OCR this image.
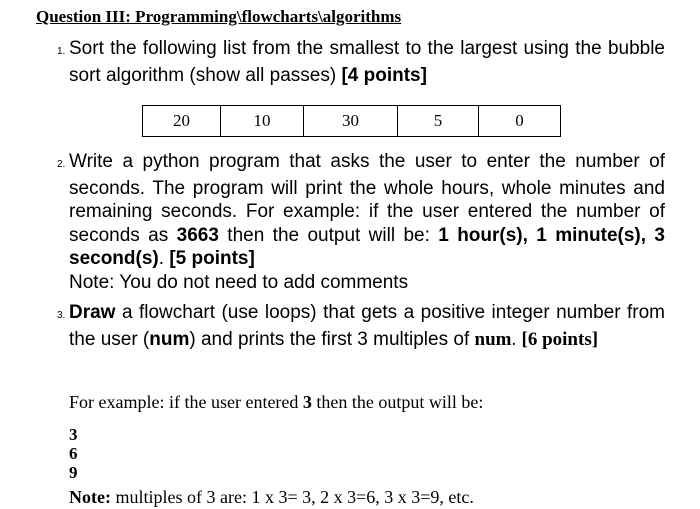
Question III: Programming\flowcharts\algorithms
1. Sort the following list from the smallest to the largest using the bubble sort algorithm (show all passes) [4 points]
20	10	30	5	0
2. Write a python program that asks the user to enter the number of seconds. The program will print the whole hours, whole minutes and remaining seconds. For example: if the user entered the number of seconds as 3663 then the output will be: 1 hour(s), 1 minute(s), 3 second(s). [5 points]
Note: You do not need to add comments
3. Draw a flowchart (use loops) that gets a positive integer number from the user (num) and prints the first 3 multiples of num. [6 points]
For example: if the user entered 3 then the output will be:
3
6
9
Note: multiples of 3 are: 1 x 3= 3, 2 x 3=6, 3 x 3=9, etc.
